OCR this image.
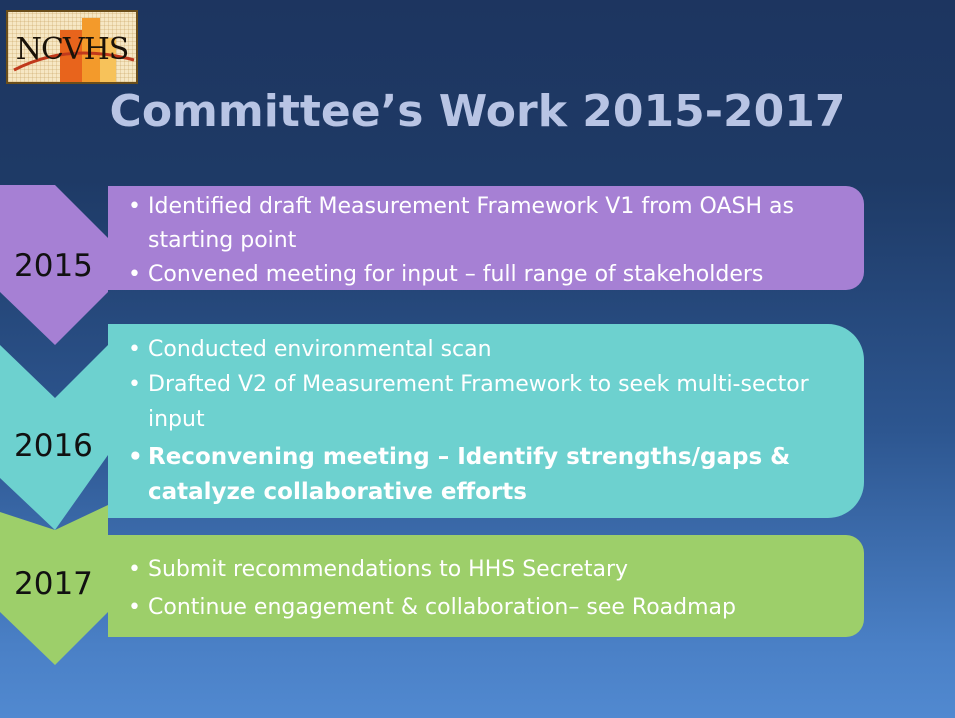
NCVHS
Committee’s Work 2015-2017
2015
2016
2017
• Identified draft Measurement Framework V1 from OASH as starting point
• Convened meeting for input – full range of stakeholders
• Conducted environmental scan
• Drafted V2 of Measurement Framework to seek multi-sector input
• Reconvening meeting – Identify strengths/gaps & catalyze collaborative efforts
• Submit recommendations to HHS Secretary
• Continue engagement & collaboration– see Roadmap
